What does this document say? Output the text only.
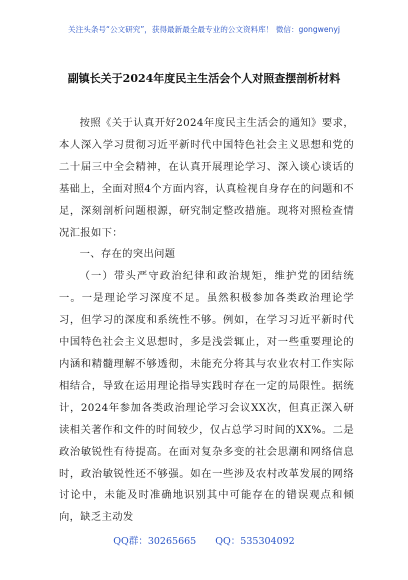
关注头条号“公文研究”，获得最新最全最专业的公文资料库！ 微信：gongwenyj
副镇长关于2024年度民主生活会个人对照查摆剖析材料

按照《关于认真开好2024年度民主生活会的通知》要求，本人深入学习贯彻习近平新时代中国特色社会主义思想和党的二十届三中全会精神，在认真开展理论学习、深入谈心谈话的基础上，全面对照4个方面内容，认真检视自身存在的问题和不足，深刻剖析问题根源，研究制定整改措施。现将对照检查情况汇报如下：

一、存在的突出问题

（一）带头严守政治纪律和政治规矩，维护党的团结统一。一是理论学习深度不足。虽然积极参加各类政治理论学习，但学习的深度和系统性不够。例如，在学习习近平新时代中国特色社会主义思想时，多是浅尝辄止，对一些重要理论的内涵和精髓理解不够透彻，未能充分将其与农业农村工作实际相结合，导致在运用理论指导实践时存在一定的局限性。据统计，2024年参加各类政治理论学习会议XX次，但真正深入研读相关著作和文件的时间较少，仅占总学习时间的XX%。二是政治敏锐性有待提高。在面对复杂多变的社会思潮和网络信息时，政治敏锐性还不够强。如在一些涉及农村改革发展的网络讨论中，未能及时准确地识别其中可能存在的错误观点和倾向，缺乏主动发

QQ群：30265665 QQ：535304092
